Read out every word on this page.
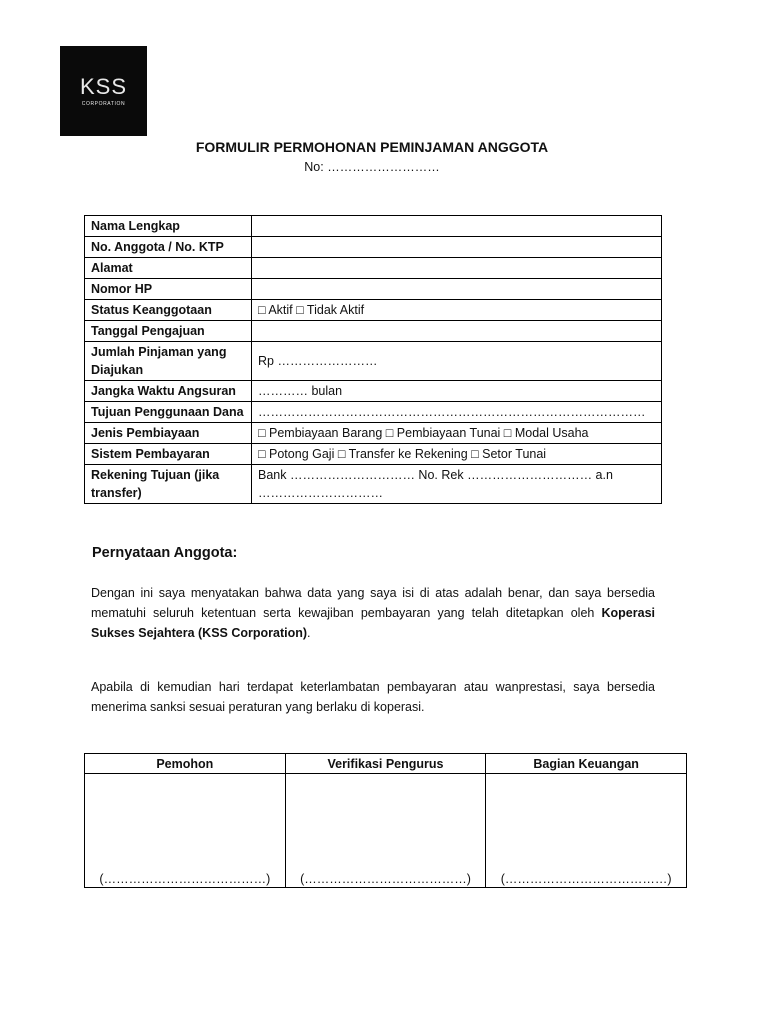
KSS
CORPORATION
FORMULIR PERMOHONAN PEMINJAMAN ANGGOTA
No: ………………………
Nama Lengkap	
No. Anggota / No. KTP	
Alamat	
Nomor HP	
Status Keanggotaan	□ Aktif □ Tidak Aktif
Tanggal Pengajuan	
Jumlah Pinjaman yang Diajukan	Rp ……………………
Jangka Waktu Angsuran	………… bulan
Tujuan Penggunaan Dana	…………………………………………………………………………………
Jenis Pembiayaan	□ Pembiayaan Barang □ Pembiayaan Tunai □ Modal Usaha
Sistem Pembayaran	□ Potong Gaji □ Transfer ke Rekening □ Setor Tunai
Rekening Tujuan (jika transfer)	Bank ………………………… No. Rek ………………………… a.n …………………………
Pernyataan Anggota:
Dengan ini saya menyatakan bahwa data yang saya isi di atas adalah benar, dan saya bersedia mematuhi seluruh ketentuan serta kewajiban pembayaran yang telah ditetapkan oleh Koperasi Sukses Sejahtera (KSS Corporation).
Apabila di kemudian hari terdapat keterlambatan pembayaran atau wanprestasi, saya bersedia menerima sanksi sesuai peraturan yang berlaku di koperasi.
Pemohon	Verifikasi Pengurus	Bagian Keuangan
(…………………………………)	(…………………………………)	(…………………………………)
